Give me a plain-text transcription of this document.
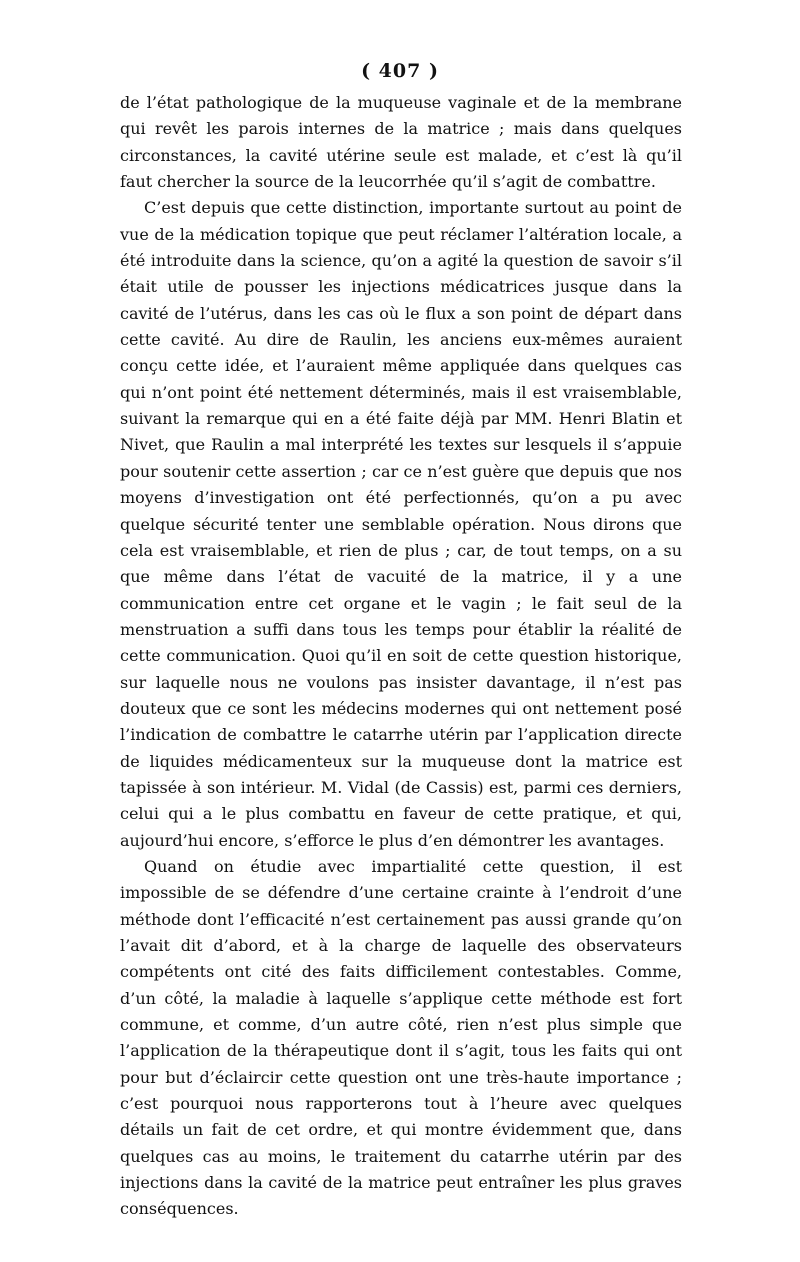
( 407 )

de l’état pathologique de la muqueuse vaginale et de la membrane qui revêt les parois internes de la matrice ; mais dans quelques circonstances, la cavité utérine seule est malade, et c’est là qu’il faut chercher la source de la leucorrhée qu’il s’agit de combattre.

C’est depuis que cette distinction, importante surtout au point de vue de la médication topique que peut réclamer l’altération locale, a été introduite dans la science, qu’on a agité la question de savoir s’il était utile de pousser les injections médicatrices jusque dans la cavité de l’utérus, dans les cas où le flux a son point de départ dans cette cavité. Au dire de Raulin, les anciens eux-mêmes auraient conçu cette idée, et l’auraient même appliquée dans quelques cas qui n’ont point été nettement déterminés, mais il est vraisemblable, suivant la remarque qui en a été faite déjà par MM. Henri Blatin et Nivet, que Raulin a mal interprété les textes sur lesquels il s’appuie pour soutenir cette assertion ; car ce n’est guère que depuis que nos moyens d’investigation ont été perfectionnés, qu’on a pu avec quelque sécurité tenter une semblable opération. Nous dirons que cela est vraisemblable, et rien de plus ; car, de tout temps, on a su que même dans l’état de vacuité de la matrice, il y a une communication entre cet organe et le vagin ; le fait seul de la menstruation a suffi dans tous les temps pour établir la réalité de cette communication. Quoi qu’il en soit de cette question historique, sur laquelle nous ne voulons pas insister davantage, il n’est pas douteux que ce sont les médecins modernes qui ont nettement posé l’indication de combattre le catarrhe utérin par l’application directe de liquides médicamenteux sur la muqueuse dont la matrice est tapissée à son intérieur. M. Vidal (de Cassis) est, parmi ces derniers, celui qui a le plus combattu en faveur de cette pratique, et qui, aujourd’hui encore, s’efforce le plus d’en démontrer les avantages.

Quand on étudie avec impartialité cette question, il est impossible de se défendre d’une certaine crainte à l’endroit d’une méthode dont l’efficacité n’est certainement pas aussi grande qu’on l’avait dit d’abord, et à la charge de laquelle des observateurs compétents ont cité des faits difficilement contestables. Comme, d’un côté, la maladie à laquelle s’applique cette méthode est fort commune, et comme, d’un autre côté, rien n’est plus simple que l’application de la thérapeutique dont il s’agit, tous les faits qui ont pour but d’éclaircir cette question ont une très-haute importance ; c’est pourquoi nous rapporterons tout à l’heure avec quelques détails un fait de cet ordre, et qui montre évidemment que, dans quelques cas au moins, le traitement du catarrhe utérin par des injections dans la cavité de la matrice peut entraîner les plus graves conséquences.
